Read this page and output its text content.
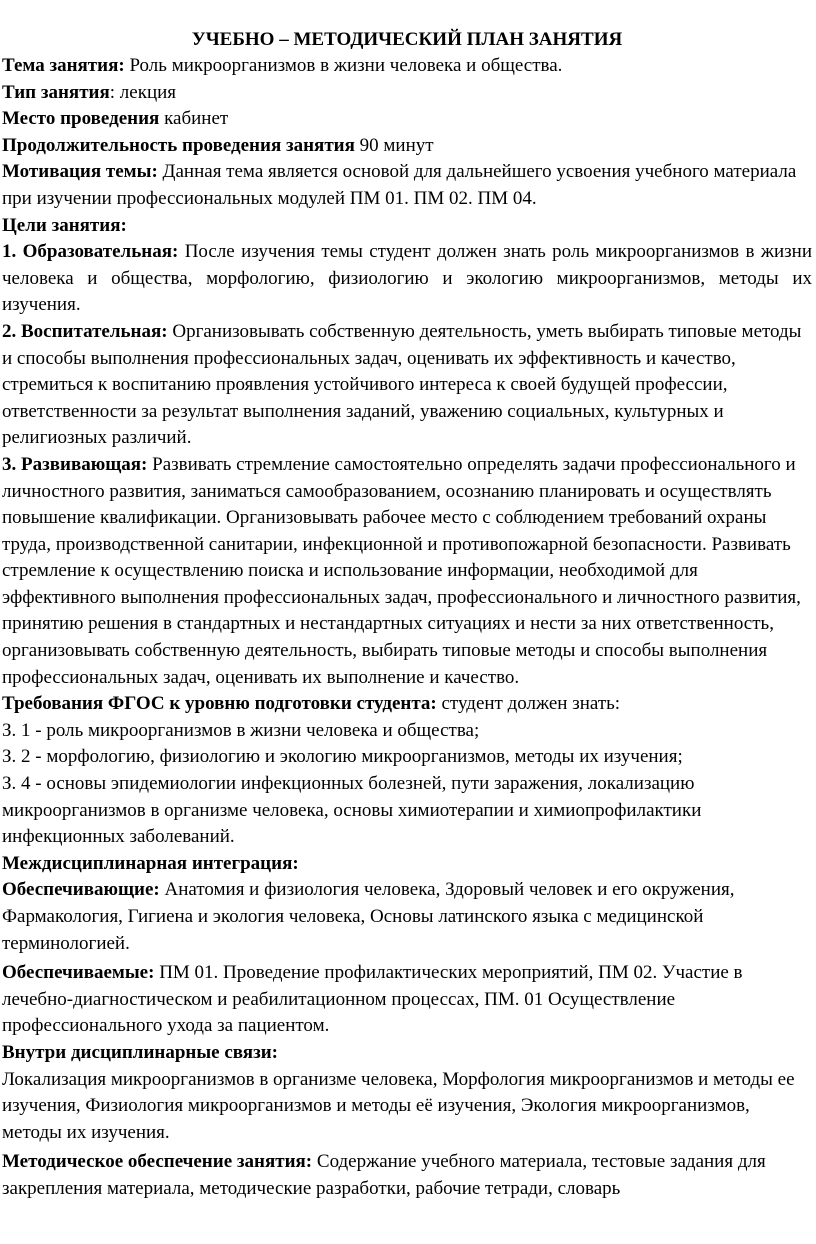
УЧЕБНО – МЕТОДИЧЕСКИЙ ПЛАН ЗАНЯТИЯ

Тема занятия: Роль микроорганизмов в жизни человека и общества.

Тип занятия: лекция

Место проведения кабинет

Продолжительность проведения занятия 90 минут

Мотивация темы: Данная тема является основой для дальнейшего усвоения учебного материала при изучении профессиональных модулей ПМ 01. ПМ 02. ПМ 04.

Цели занятия:

1. Образовательная: После изучения темы студент должен знать роль микроорганизмов в жизни человека и общества, морфологию, физиологию и экологию микроорганизмов, методы их изучения.

2. Воспитательная: Организовывать собственную деятельность, уметь выбирать типовые методы и способы выполнения профессиональных задач, оценивать их эффективность и качество, стремиться к воспитанию проявления устойчивого интереса к своей будущей профессии, ответственности за результат выполнения заданий, уважению социальных, культурных и религиозных различий.

3. Развивающая: Развивать стремление самостоятельно определять задачи профессионального и личностного развития, заниматься самообразованием, осознанию планировать и осуществлять повышение квалификации. Организовывать рабочее место с соблюдением требований охраны труда, производственной санитарии, инфекционной и противопожарной безопасности. Развивать стремление к осуществлению поиска и использование информации, необходимой для эффективного выполнения профессиональных задач, профессионального и личностного развития, принятию решения в стандартных и нестандартных ситуациях и нести за них ответственность, организовывать собственную деятельность, выбирать типовые методы и способы выполнения профессиональных задач, оценивать их выполнение и качество.

Требования ФГОС к уровню подготовки студента: студент должен знать:

З. 1 - роль микроорганизмов в жизни человека и общества;

З. 2 - морфологию, физиологию и экологию микроорганизмов, методы их изучения;

З. 4 - основы эпидемиологии инфекционных болезней, пути заражения, локализацию микроорганизмов в организме человека, основы химиотерапии и химиопрофилактики инфекционных заболеваний.

Междисциплинарная интеграция:

Обеспечивающие: Анатомия и физиология человека, Здоровый человек и его окружения, Фармакология, Гигиена и экология человека, Основы латинского языка с медицинской терминологией.

Обеспечиваемые: ПМ 01. Проведение профилактических мероприятий, ПМ 02. Участие в лечебно-диагностическом и реабилитационном процессах, ПМ. 01 Осуществление профессионального ухода за пациентом.

Внутри дисциплинарные связи:

Локализация микроорганизмов в организме человека, Морфология микроорганизмов и методы ее изучения, Физиология микроорганизмов и методы её изучения, Экология микроорганизмов, методы их изучения.

Методическое обеспечение занятия: Содержание учебного материала, тестовые задания для закрепления материала, методические разработки, рабочие тетради, словарь
